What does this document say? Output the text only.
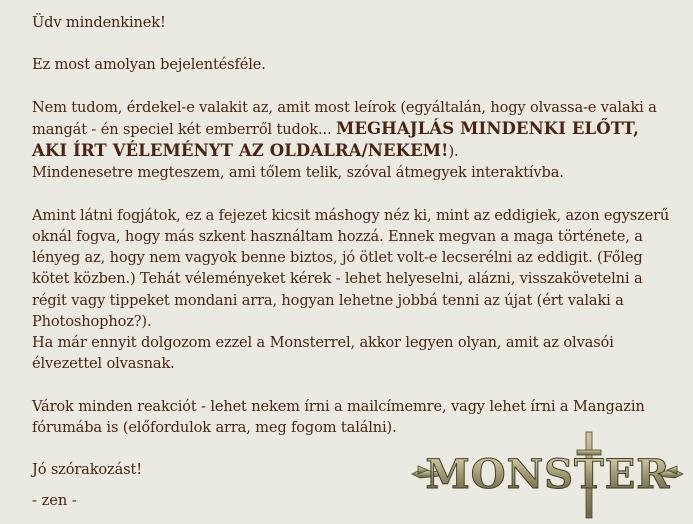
Üdv mindenkinek!

Ez most amolyan bejelentésféle.

Nem tudom, érdekel-e valakit az, amit most leírok (egyáltalán, hogy olvassa-e valaki a mangát - én speciel két emberről tudok... MEGHAJLÁS MINDENKI ELŐTT, AKI ÍRT VÉLEMÉNYT AZ OLDALRA/NEKEM!).
Mindenesetre megteszem, ami tőlem telik, szóval átmegyek interaktívba.

Amint látni fogjátok, ez a fejezet kicsit máshogy néz ki, mint az eddigiek, azon egyszerű oknál fogva, hogy más szkent használtam hozzá. Ennek megvan a maga története, a lényeg az, hogy nem vagyok benne biztos, jó ötlet volt-e lecserélni az eddigit. (Főleg kötet közben.) Tehát véleményeket kérek - lehet helyeselni, alázni, visszakövetelni a régit vagy tippeket mondani arra, hogyan lehetne jobbá tenni az újat (ért valaki a Photoshophoz?).
Ha már ennyit dolgozom ezzel a Monsterrel, akkor legyen olyan, amit az olvasói élvezettel olvasnak.

Várok minden reakciót - lehet nekem írni a mailcímemre, vagy lehet írni a Mangazin fórumába is (előfordulok arra, meg fogom találni).

Jó szórakozást!

- zen -
MONSTER
